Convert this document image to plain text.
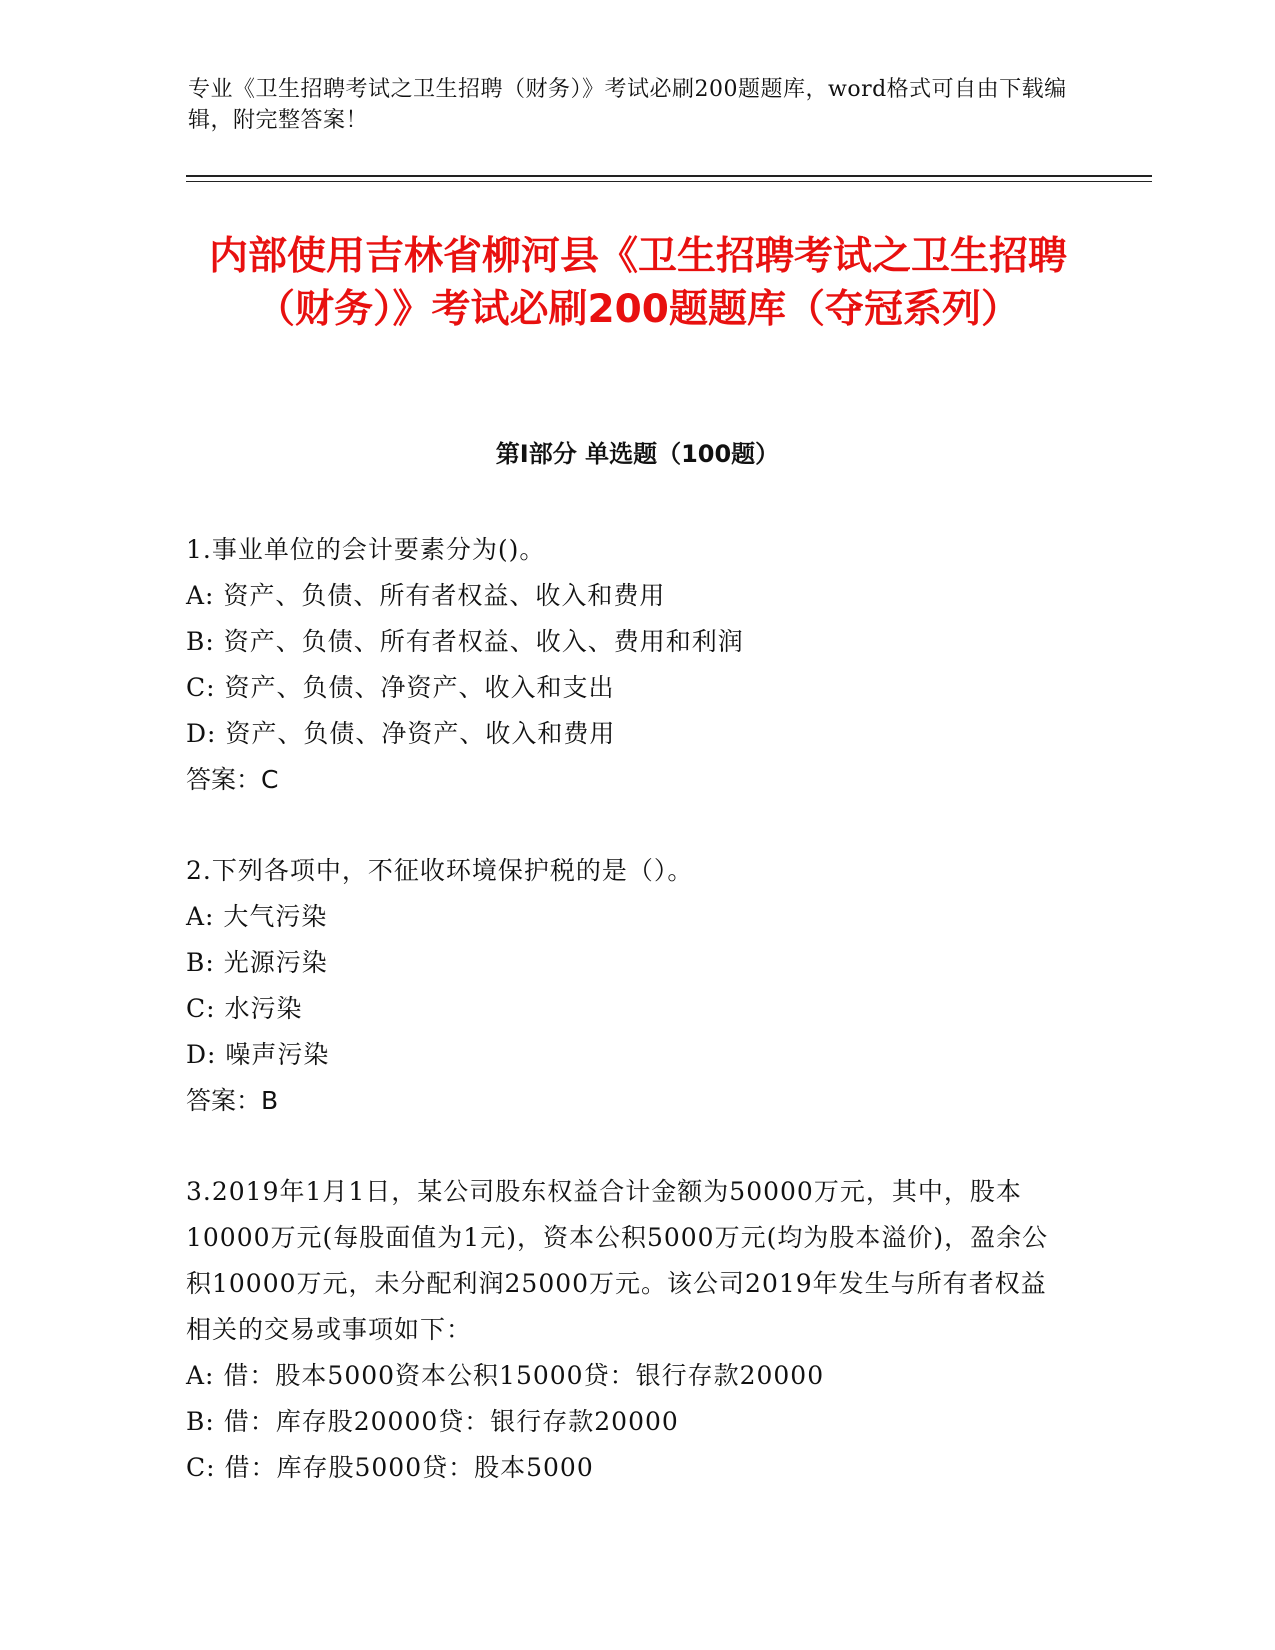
专业《卫生招聘考试之卫生招聘（财务）》考试必刷200题题库，word格式可自由下载编辑，附完整答案！
内部使用吉林省柳河县《卫生招聘考试之卫生招聘（财务）》考试必刷200题题库（夺冠系列）
第Ⅰ部分 单选题（100题）
1.事业单位的会计要素分为()。
A: 资产、负债、所有者权益、收入和费用
B: 资产、负债、所有者权益、收入、费用和利润
C: 资产、负债、净资产、收入和支出
D: 资产、负债、净资产、收入和费用
答案：C
2.下列各项中，不征收环境保护税的是（）。
A: 大气污染
B: 光源污染
C: 水污染
D: 噪声污染
答案：B
3.2019年1月1日，某公司股东权益合计金额为50000万元，其中，股本10000万元(每股面值为1元)，资本公积5000万元(均为股本溢价)，盈余公积10000万元，未分配利润25000万元。该公司2019年发生与所有者权益相关的交易或事项如下：
A: 借：股本5000资本公积15000贷：银行存款20000
B: 借：库存股20000贷：银行存款20000
C: 借：库存股5000贷：股本5000
